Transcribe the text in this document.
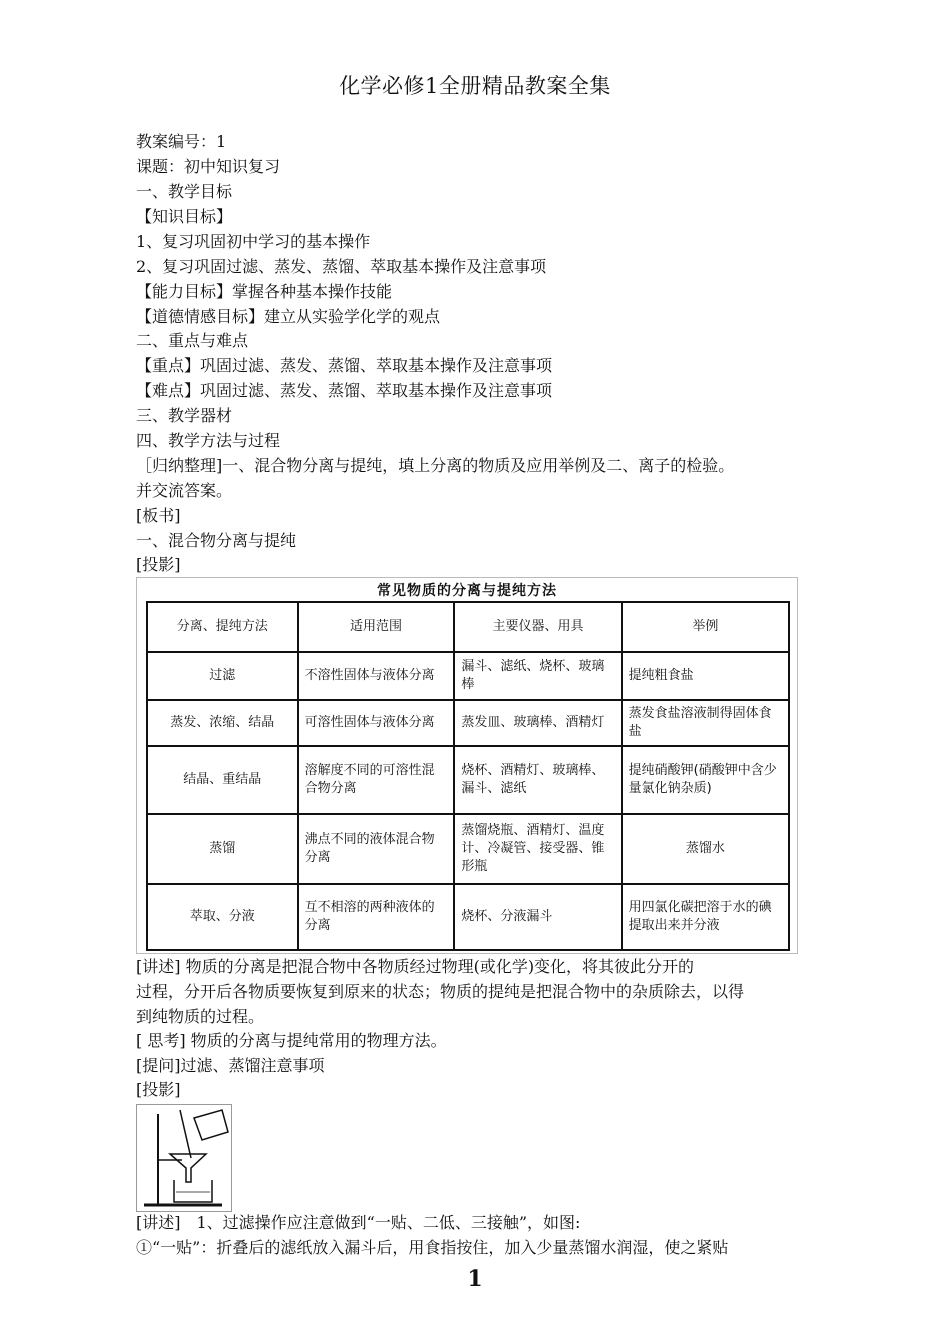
化学必修1全册精品教案全集
教案编号：1
课题：初中知识复习
一、教学目标
【知识目标】
1、复习巩固初中学习的基本操作
2、复习巩固过滤、蒸发、蒸馏、萃取基本操作及注意事项
【能力目标】掌握各种基本操作技能
【道德情感目标】建立从实验学化学的观点
二、重点与难点
【重点】巩固过滤、蒸发、蒸馏、萃取基本操作及注意事项
【难点】巩固过滤、蒸发、蒸馏、萃取基本操作及注意事项
三、教学器材
四、教学方法与过程
［归纳整理]一、混合物分离与提纯，填上分离的物质及应用举例及二、离子的检验。
并交流答案。
[板书]
一、混合物分离与提纯
[投影]
常见物质的分离与提纯方法
分离、提纯方法	适用范围	主要仪器、用具	举例
过滤	不溶性固体与液体分离	漏斗、滤纸、烧杯、玻璃棒	提纯粗食盐
蒸发、浓缩、结晶	可溶性固体与液体分离	蒸发皿、玻璃棒、酒精灯	蒸发食盐溶液制得固体食盐
结晶、重结晶	溶解度不同的可溶性混合物分离	烧杯、酒精灯、玻璃棒、漏斗、滤纸	提纯硝酸钾(硝酸钾中含少量氯化钠杂质)
蒸馏	沸点不同的液体混合物分离	蒸馏烧瓶、酒精灯、温度计、冷凝管、接受器、锥形瓶	蒸馏水
萃取、分液	互不相溶的两种液体的分离	烧杯、分液漏斗	用四氯化碳把溶于水的碘提取出来并分液
[讲述] 物质的分离是把混合物中各物质经过物理(或化学)变化，将其彼此分开的
过程，分开后各物质要恢复到原来的状态；物质的提纯是把混合物中的杂质除去，以得
到纯物质的过程。
[ 思考] 物质的分离与提纯常用的物理方法。
[提问]过滤、蒸馏注意事项
[投影]
[讲述]　1、过滤操作应注意做到“一贴、二低、三接触”，如图:
①“一贴”：折叠后的滤纸放入漏斗后，用食指按住，加入少量蒸馏水润湿，使之紧贴
1
